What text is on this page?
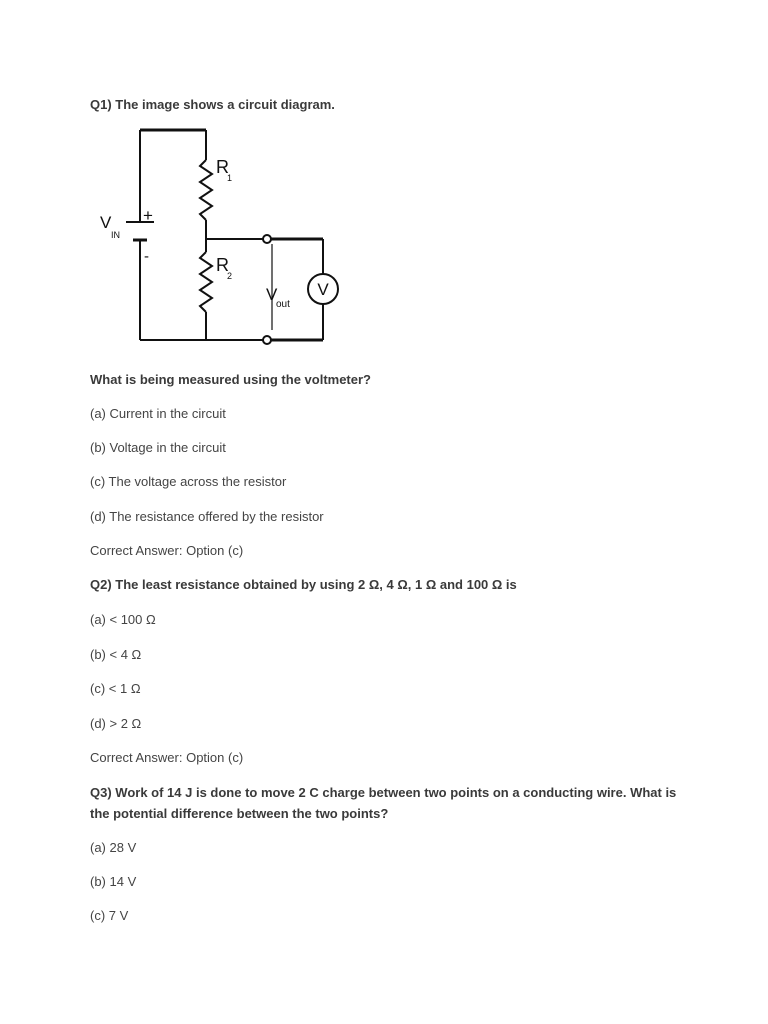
Q1) The image shows a circuit diagram.
V
IN
+
-
R
1
R
2
V
out
V
What is being measured using the voltmeter?
(a) Current in the circuit
(b) Voltage in the circuit
(c) The voltage across the resistor
(d) The resistance offered by the resistor
Correct Answer: Option (c)
Q2) The least resistance obtained by using 2 Ω, 4 Ω, 1 Ω and 100 Ω is
(a) < 100 Ω
(b) < 4 Ω
(c) < 1 Ω
(d) > 2 Ω
Correct Answer: Option (c)
Q3) Work of 14 J is done to move 2 C charge between two points on a conducting wire. What is the potential difference between the two points?
(a) 28 V
(b) 14 V
(c) 7 V
